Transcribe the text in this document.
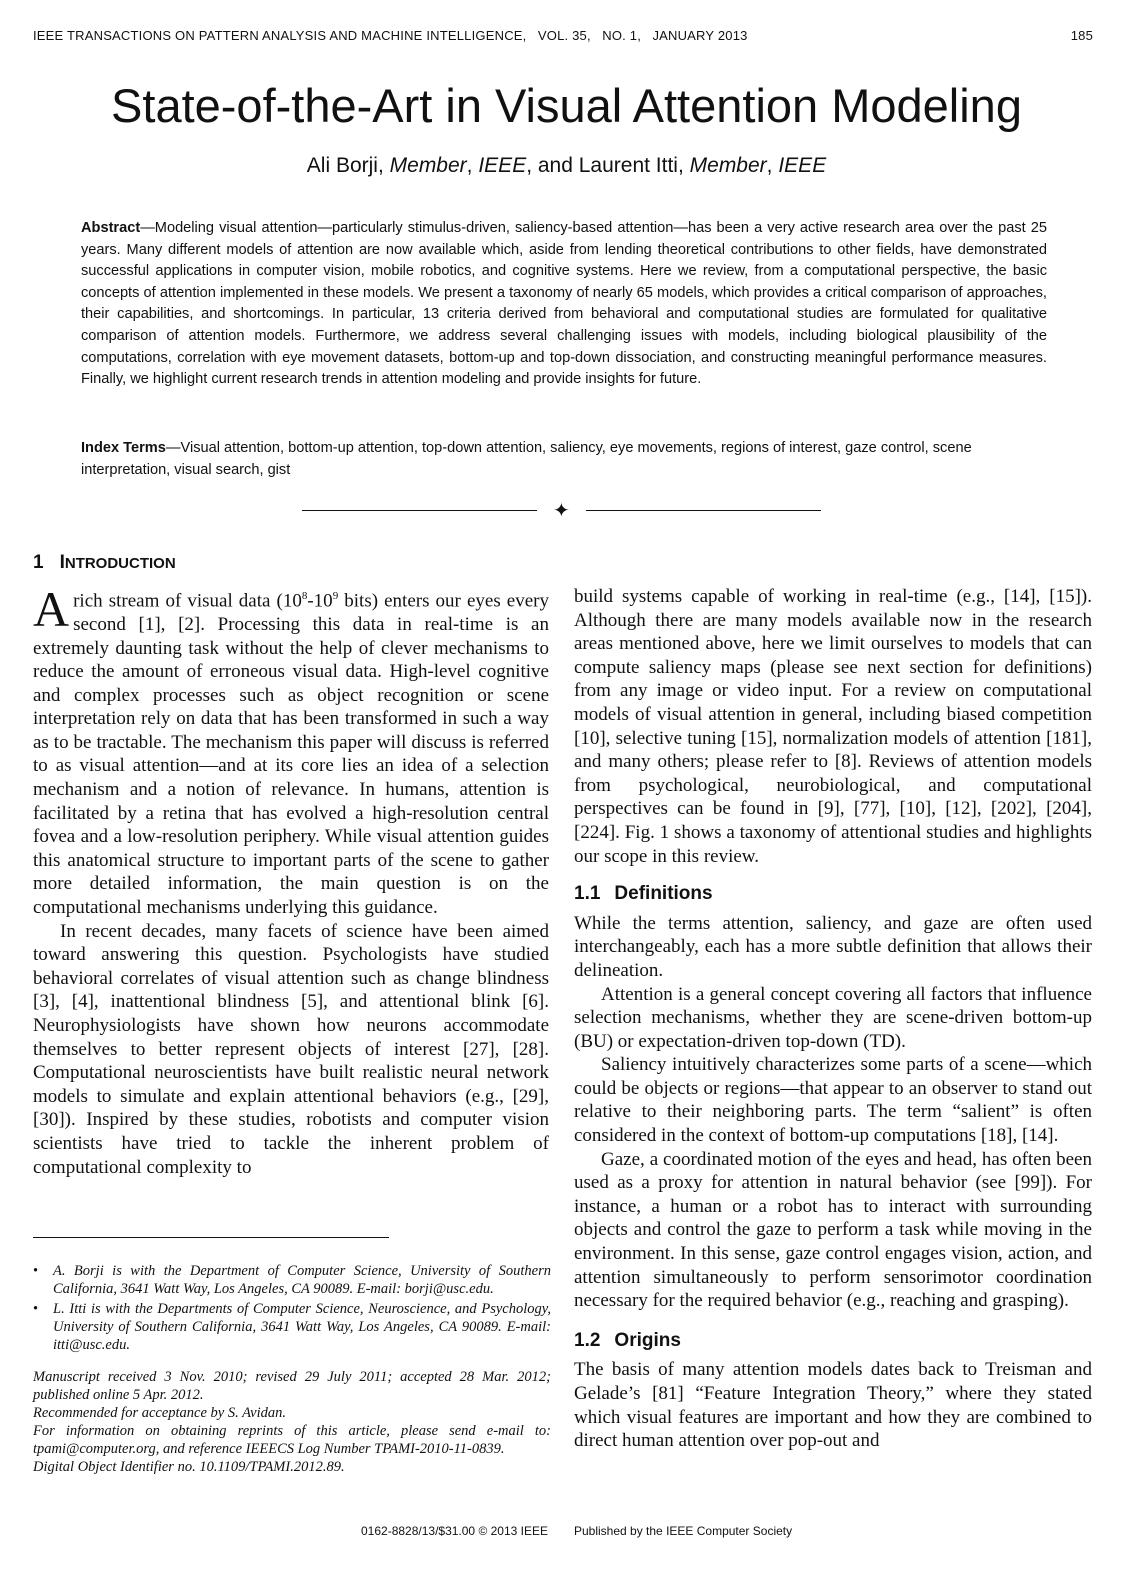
IEEE TRANSACTIONS ON PATTERN ANALYSIS AND MACHINE INTELLIGENCE,   VOL. 35,   NO. 1,   JANUARY 2013	185
State-of-the-Art in Visual Attention Modeling
Ali Borji, Member, IEEE, and Laurent Itti, Member, IEEE
Abstract—Modeling visual attention—particularly stimulus-driven, saliency-based attention—has been a very active research area over the past 25 years. Many different models of attention are now available which, aside from lending theoretical contributions to other fields, have demonstrated successful applications in computer vision, mobile robotics, and cognitive systems. Here we review, from a computational perspective, the basic concepts of attention implemented in these models. We present a taxonomy of nearly 65 models, which provides a critical comparison of approaches, their capabilities, and shortcomings. In particular, 13 criteria derived from behavioral and computational studies are formulated for qualitative comparison of attention models. Furthermore, we address several challenging issues with models, including biological plausibility of the computations, correlation with eye movement datasets, bottom-up and top-down dissociation, and constructing meaningful performance measures. Finally, we highlight current research trends in attention modeling and provide insights for future.
Index Terms—Visual attention, bottom-up attention, top-down attention, saliency, eye movements, regions of interest, gaze control, scene interpretation, visual search, gist
✦
1 INTRODUCTION

A rich stream of visual data ($10^8-10^9$ bits) enters our eyes every second [1], [2]. Processing this data in real-time is an extremely daunting task without the help of clever mechanisms to reduce the amount of erroneous visual data. High-level cognitive and complex processes such as object recognition or scene interpretation rely on data that has been transformed in such a way as to be tractable. The mechanism this paper will discuss is referred to as visual attention—and at its core lies an idea of a selection mechanism and a notion of relevance. In humans, attention is facilitated by a retina that has evolved a high-resolution central fovea and a low-resolution periphery. While visual attention guides this anatomical structure to important parts of the scene to gather more detailed information, the main question is on the computational mechanisms underlying this guidance.

In recent decades, many facets of science have been aimed toward answering this question. Psychologists have studied behavioral correlates of visual attention such as change blindness [3], [4], inattentional blindness [5], and attentional blink [6]. Neurophysiologists have shown how neurons accommodate themselves to better represent objects of interest [27], [28]. Computational neuroscientists have built realistic neural network models to simulate and explain attentional behaviors (e.g., [29], [30]). Inspired by these studies, robotists and computer vision scientists have tried to tackle the inherent problem of computational complexity to

• A. Borji is with the Department of Computer Science, University of Southern California, 3641 Watt Way, Los Angeles, CA 90089. E-mail: borji@usc.edu.
• L. Itti is with the Departments of Computer Science, Neuroscience, and Psychology, University of Southern California, 3641 Watt Way, Los Angeles, CA 90089. E-mail: itti@usc.edu.
Manuscript received 3 Nov. 2010; revised 29 July 2011; accepted 28 Mar. 2012; published online 5 Apr. 2012.
Recommended for acceptance by S. Avidan.
For information on obtaining reprints of this article, please send e-mail to: tpami@computer.org, and reference IEEECS Log Number TPAMI-2010-11-0839.
Digital Object Identifier no. 10.1109/TPAMI.2012.89.

build systems capable of working in real-time (e.g., [14], [15]). Although there are many models available now in the research areas mentioned above, here we limit ourselves to models that can compute saliency maps (please see next section for definitions) from any image or video input. For a review on computational models of visual attention in general, including biased competition [10], selective tuning [15], normalization models of attention [181], and many others; please refer to [8]. Reviews of attention models from psychological, neurobiological, and computational perspectives can be found in [9], [77], [10], [12], [202], [204], [224]. Fig. 1 shows a taxonomy of attentional studies and highlights our scope in this review.

1.1 Definitions

While the terms attention, saliency, and gaze are often used interchangeably, each has a more subtle definition that allows their delineation.

Attention is a general concept covering all factors that influence selection mechanisms, whether they are scene-driven bottom-up (BU) or expectation-driven top-down (TD).

Saliency intuitively characterizes some parts of a scene—which could be objects or regions—that appear to an observer to stand out relative to their neighboring parts. The term “salient” is often considered in the context of bottom-up computations [18], [14].

Gaze, a coordinated motion of the eyes and head, has often been used as a proxy for attention in natural behavior (see [99]). For instance, a human or a robot has to interact with surrounding objects and control the gaze to perform a task while moving in the environment. In this sense, gaze control engages vision, action, and attention simultaneously to perform sensorimotor coordination necessary for the required behavior (e.g., reaching and grasping).

1.2 Origins

The basis of many attention models dates back to Treisman and Gelade’s [81] “Feature Integration Theory,” where they stated which visual features are important and how they are combined to direct human attention over pop-out and

0162-8828/13/$31.00 © 2013 IEEE Published by the IEEE Computer Society
